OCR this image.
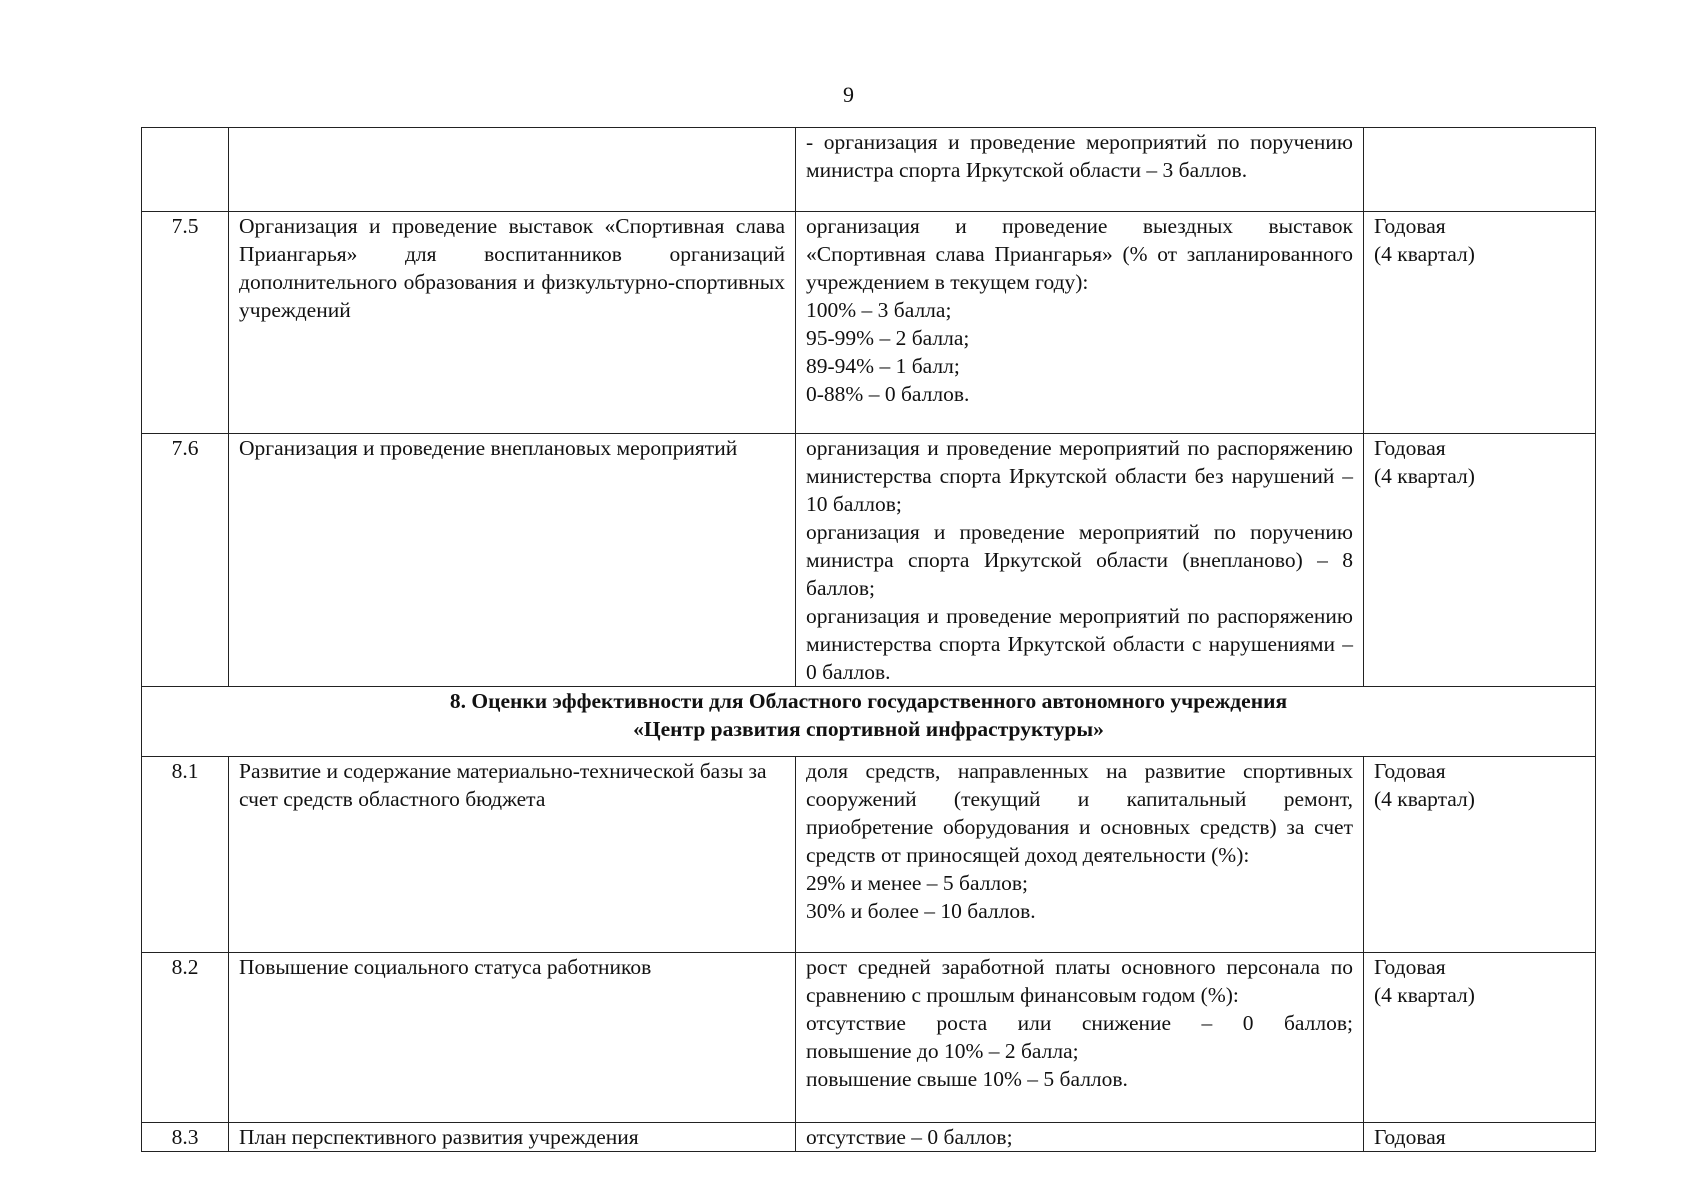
9

		- организация и проведение мероприятий по поручению министра спорта Иркутской области – 3 баллов.	

7.5	Организация и проведение выставок «Спортивная слава Приангарья» для воспитанников организаций дополнительного образования и физкультурно-спортивных учреждений	организация и проведение выездных выставок «Спортивная слава Приангарья» (% от запланированного учреждением в текущем году):
100% – 3 балла;
95-99% – 2 балла;
89-94% – 1 балл;
0-88% – 0 баллов.	Годовая
(4 квартал)

7.6	Организация и проведение внеплановых мероприятий	организация и проведение мероприятий по распоряжению министерства спорта Иркутской области без нарушений – 10 баллов;
организация и проведение мероприятий по поручению министра спорта Иркутской области (внепланово) – 8 баллов;
организация и проведение мероприятий по распоряжению министерства спорта Иркутской области с нарушениями – 0 баллов.	Годовая
(4 квартал)

8. Оценки эффективности для Областного государственного автономного учреждения
«Центр развития спортивной инфраструктуры»			

8.1	Развитие и содержание материально-технической базы за счет средств областного бюджета	доля средств, направленных на развитие спортивных сооружений (текущий и капитальный ремонт, приобретение оборудования и основных средств) за счет средств от приносящей доход деятельности (%):
29% и менее – 5 баллов;
30% и более – 10 баллов.	Годовая
(4 квартал)

8.2	Повышение социального статуса работников	рост средней заработной платы основного персонала по сравнению с прошлым финансовым годом (%):
отсутствие роста или снижение – 0 баллов;
повышение до 10% – 2 балла;
повышение свыше 10% – 5 баллов.	Годовая
(4 квартал)

8.3	План перспективного развития учреждения	отсутствие – 0 баллов;	Годовая
